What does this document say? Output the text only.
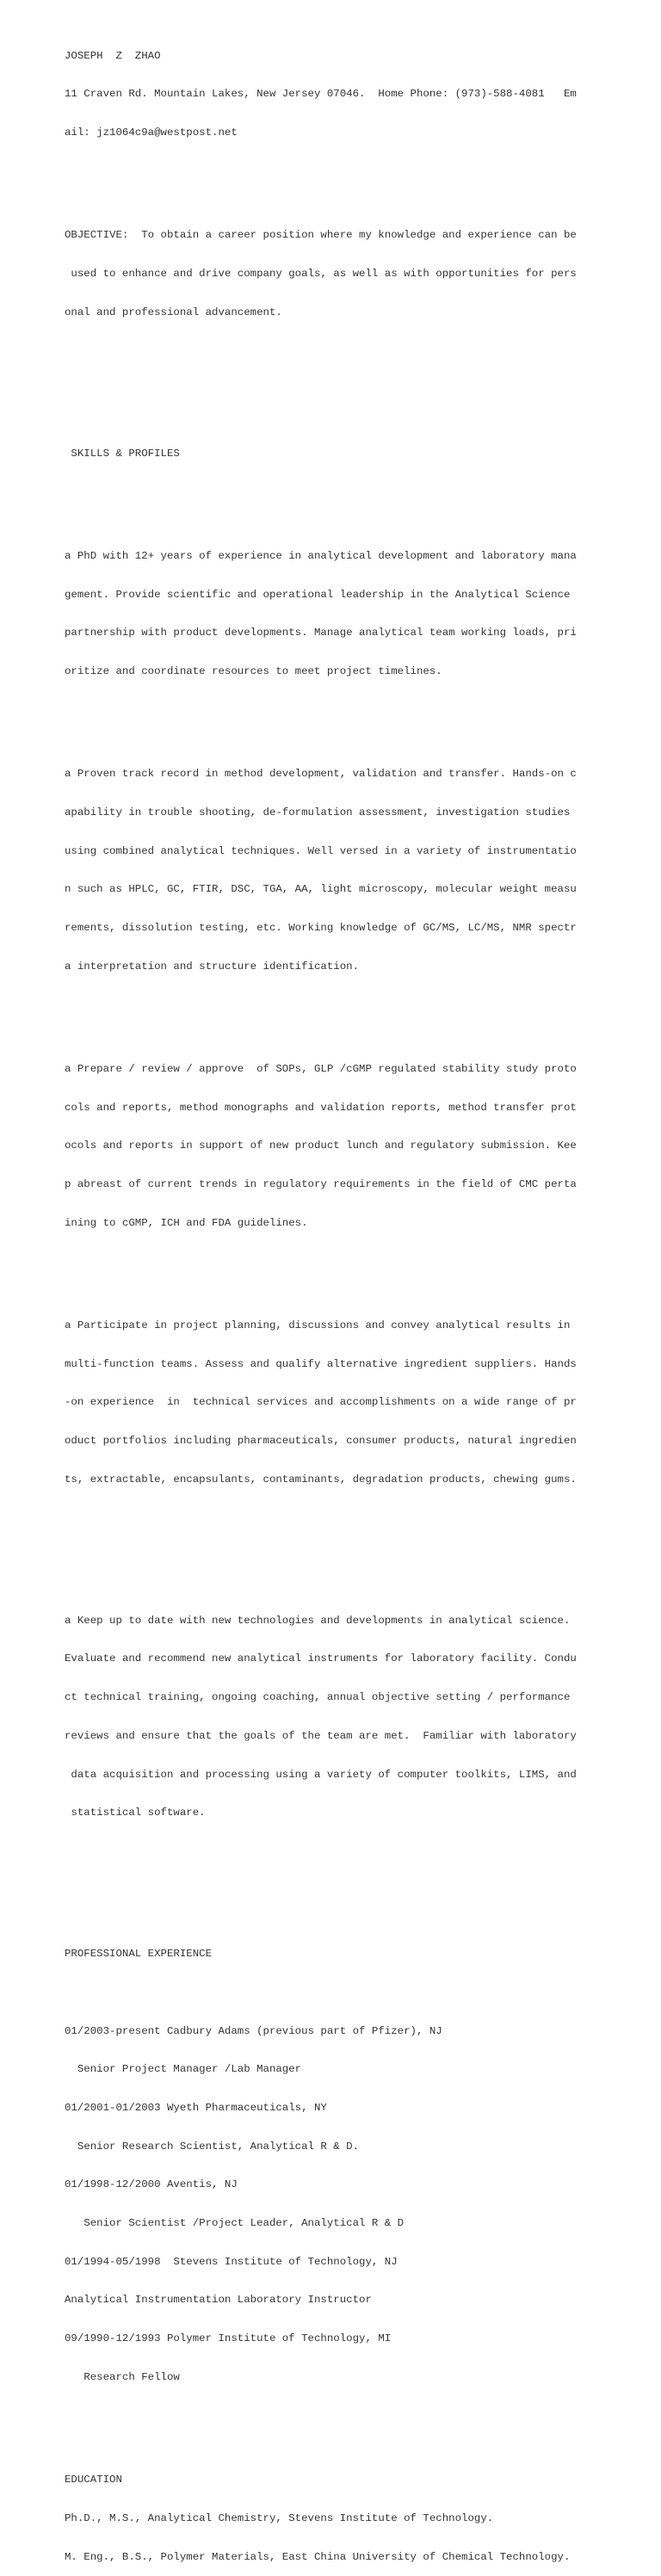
JOSEPH  Z  ZHAO

11 Craven Rd. Mountain Lakes, New Jersey 07046.  Home Phone: (973)-588-4081   Em

ail: jz1064c9a@westpost.net

OBJECTIVE:  To obtain a career position where my knowledge and experience can be

used to enhance and drive company goals, as well as with opportunities for pers

onal and professional advancement.

SKILLS & PROFILES

a PhD with 12+ years of experience in analytical development and laboratory mana

gement. Provide scientific and operational leadership in the Analytical Science

partnership with product developments. Manage analytical team working loads, pri

oritize and coordinate resources to meet project timelines.

a Proven track record in method development, validation and transfer. Hands-on c

apability in trouble shooting, de-formulation assessment, investigation studies

using combined analytical techniques. Well versed in a variety of instrumentatio

n such as HPLC, GC, FTIR, DSC, TGA, AA, light microscopy, molecular weight measu

rements, dissolution testing, etc. Working knowledge of GC/MS, LC/MS, NMR spectr

a interpretation and structure identification.

a Prepare / review / approve  of SOPs, GLP /cGMP regulated stability study proto

cols and reports, method monographs and validation reports, method transfer prot

ocols and reports in support of new product lunch and regulatory submission. Kee

p abreast of current trends in regulatory requirements in the field of CMC perta

ining to cGMP, ICH and FDA guidelines.

a Participate in project planning, discussions and convey analytical results in

multi-function teams. Assess and qualify alternative ingredient suppliers. Hands

-on experience  in  technical services and accomplishments on a wide range of pr

oduct portfolios including pharmaceuticals, consumer products, natural ingredien

ts, extractable, encapsulants, contaminants, degradation products, chewing gums.

a Keep up to date with new technologies and developments in analytical science.

Evaluate and recommend new analytical instruments for laboratory facility. Condu

ct technical training, ongoing coaching, annual objective setting / performance

reviews and ensure that the goals of the team are met.  Familiar with laboratory

data acquisition and processing using a variety of computer toolkits, LIMS, and

statistical software.

PROFESSIONAL EXPERIENCE

01/2003-present Cadbury Adams (previous part of Pfizer), NJ

Senior Project Manager /Lab Manager

01/2001-01/2003 Wyeth Pharmaceuticals, NY

Senior Research Scientist, Analytical R & D.

01/1998-12/2000 Aventis, NJ

Senior Scientist /Project Leader, Analytical R & D

01/1994-05/1998  Stevens Institute of Technology, NJ

Analytical Instrumentation Laboratory Instructor

09/1990-12/1993 Polymer Institute of Technology, MI

Research Fellow

EDUCATION

Ph.D., M.S., Analytical Chemistry, Stevens Institute of Technology.

M. Eng., B.S., Polymer Materials, East China University of Chemical Technology.
